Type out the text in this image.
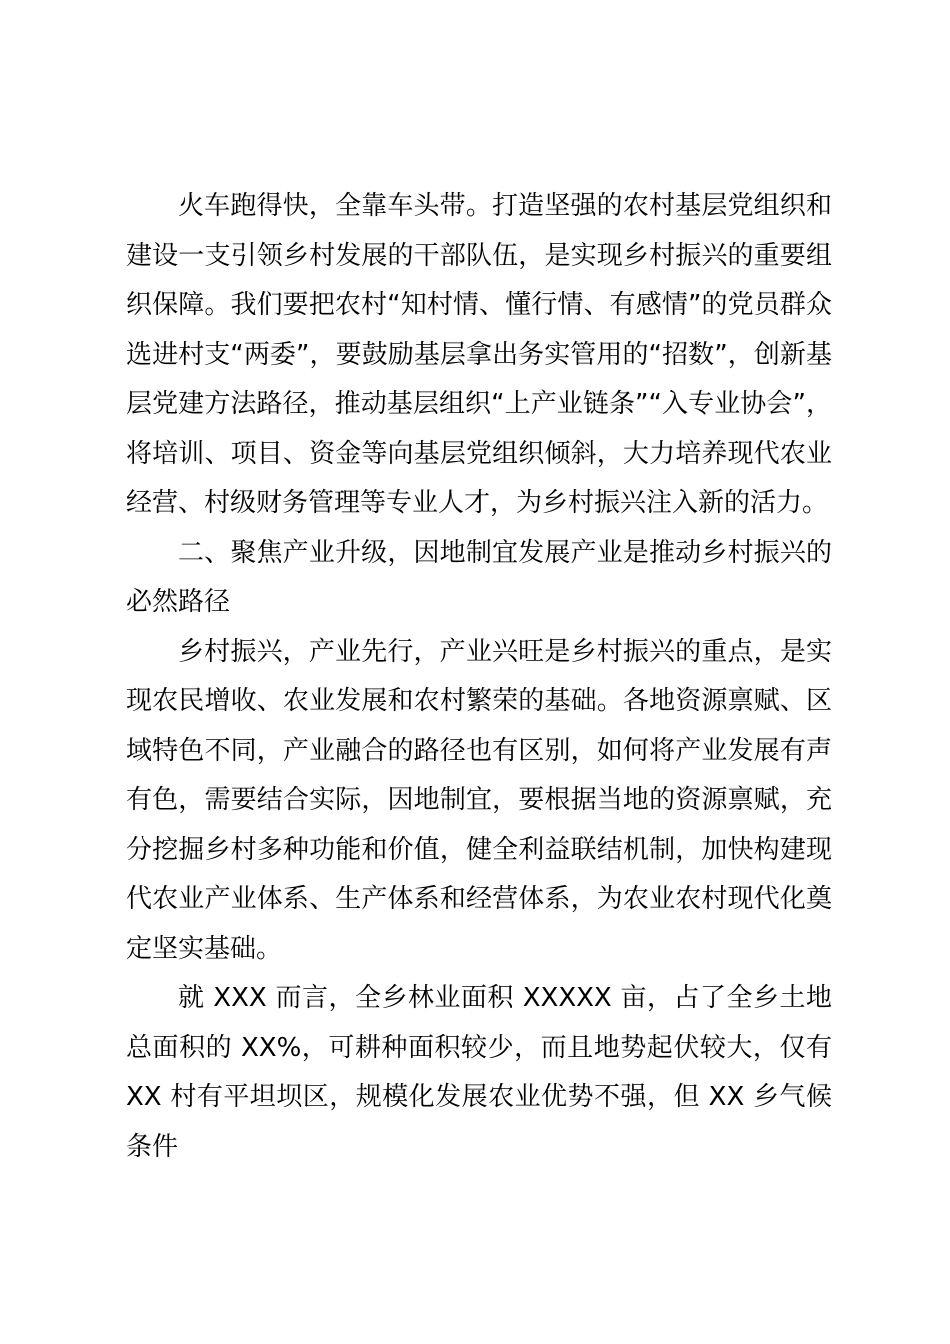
火车跑得快，全靠车头带。打造坚强的农村基层党组织和建设一支引领乡村发展的干部队伍，是实现乡村振兴的重要组织保障。我们要把农村“知村情、懂行情、有感情”的党员群众选进村支“两委”，要鼓励基层拿出务实管用的“招数”，创新基层党建方法路径，推动基层组织“上产业链条”“入专业协会”，将培训、项目、资金等向基层党组织倾斜，大力培养现代农业经营、村级财务管理等专业人才，为乡村振兴注入新的活力。

二、聚焦产业升级，因地制宜发展产业是推动乡村振兴的必然路径

乡村振兴，产业先行，产业兴旺是乡村振兴的重点，是实现农民增收、农业发展和农村繁荣的基础。各地资源禀赋、区域特色不同，产业融合的路径也有区别，如何将产业发展有声有色，需要结合实际，因地制宜，要根据当地的资源禀赋，充分挖掘乡村多种功能和价值，健全利益联结机制，加快构建现代农业产业体系、生产体系和经营体系，为农业农村现代化奠定坚实基础。

就 XXX 而言，全乡林业面积 XXXXX 亩，占了全乡土地总面积的 XX%，可耕种面积较少，而且地势起伏较大，仅有 XX 村有平坦坝区，规模化发展农业优势不强，但 XX 乡气候条件
